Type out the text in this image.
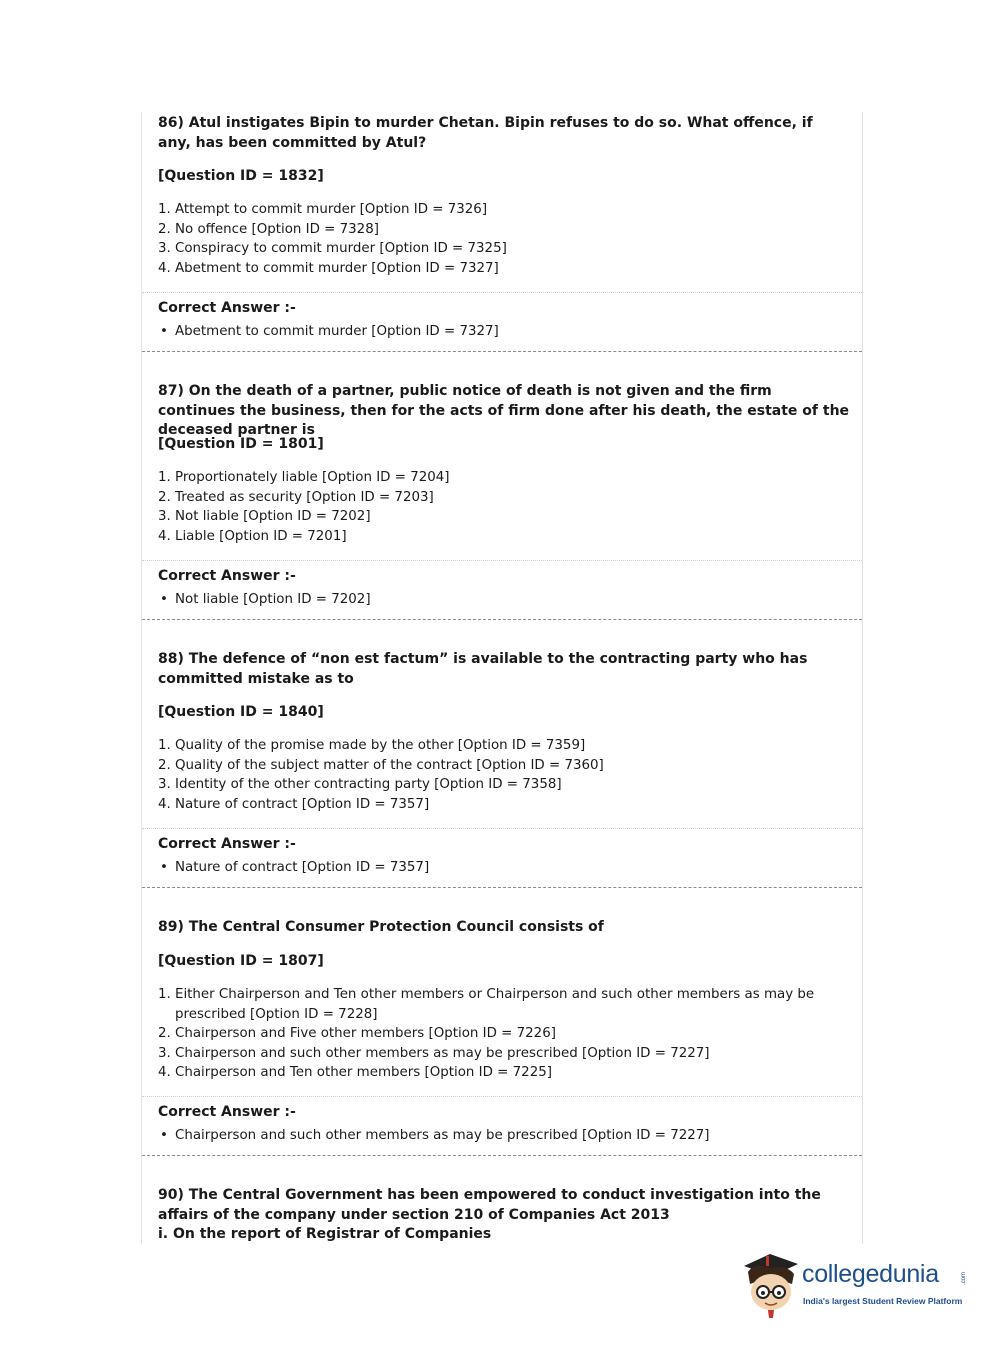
86) Atul instigates Bipin to murder Chetan. Bipin refuses to do so. What offence, if any, has been committed by Atul?
[Question ID = 1832]
1. Attempt to commit murder [Option ID = 7326]
2. No offence [Option ID = 7328]
3. Conspiracy to commit murder [Option ID = 7325]
4. Abetment to commit murder [Option ID = 7327]
Correct Answer :-
• Abetment to commit murder [Option ID = 7327]
87) On the death of a partner, public notice of death is not given and the firm continues the business, then for the acts of firm done after his death, the estate of the deceased partner is
[Question ID = 1801]
1. Proportionately liable [Option ID = 7204]
2. Treated as security [Option ID = 7203]
3. Not liable [Option ID = 7202]
4. Liable [Option ID = 7201]
Correct Answer :-
• Not liable [Option ID = 7202]
88) The defence of “non est factum” is available to the contracting party who has committed mistake as to
[Question ID = 1840]
1. Quality of the promise made by the other [Option ID = 7359]
2. Quality of the subject matter of the contract [Option ID = 7360]
3. Identity of the other contracting party [Option ID = 7358]
4. Nature of contract [Option ID = 7357]
Correct Answer :-
• Nature of contract [Option ID = 7357]
89) The Central Consumer Protection Council consists of
[Question ID = 1807]
1. Either Chairperson and Ten other members or Chairperson and such other members as may be prescribed [Option ID = 7228]
2. Chairperson and Five other members [Option ID = 7226]
3. Chairperson and such other members as may be prescribed [Option ID = 7227]
4. Chairperson and Ten other members [Option ID = 7225]
Correct Answer :-
• Chairperson and such other members as may be prescribed [Option ID = 7227]
90) The Central Government has been empowered to conduct investigation into the affairs of the company under section 210 of Companies Act 2013
i. On the report of Registrar of Companies
collegedunia	.com
India's largest Student Review Platform
